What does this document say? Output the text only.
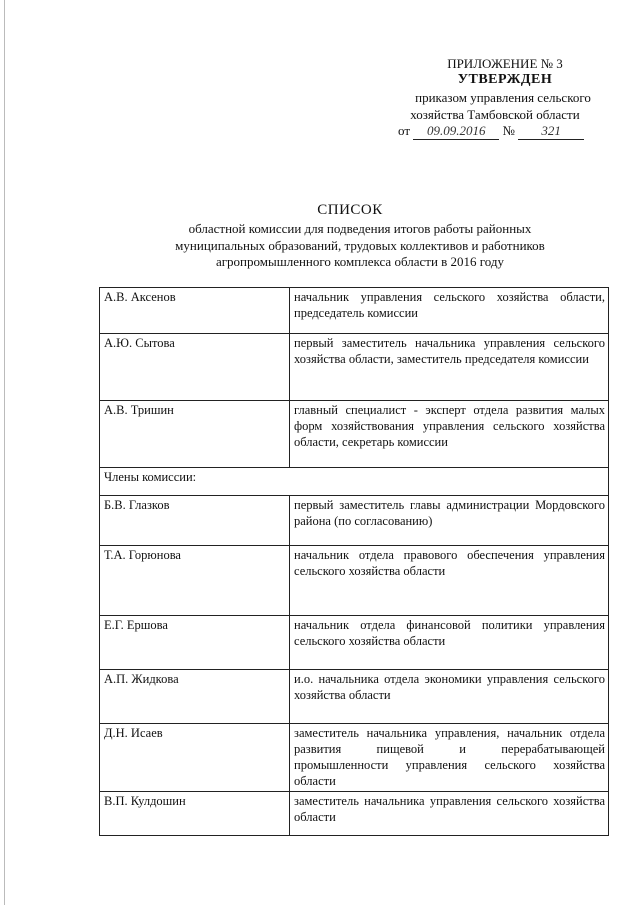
ПРИЛОЖЕНИЕ № 3
УТВЕРЖДЕН
приказом управления сельского
хозяйства Тамбовской области
от 09.09.2016 № 321
СПИСОК
областной комиссии для подведения итогов работы районных
муниципальных образований, трудовых коллективов и работников
агропромышленного комплекса области в 2016 году
А.В. Аксенов	начальник управления сельского хозяйства области, председатель комиссии
А.Ю. Сытова	первый заместитель начальника управления сельского хозяйства области, заместитель председателя комиссии
А.В. Тришин	главный специалист - эксперт отдела развития малых форм хозяйствования управления сельского хозяйства области, секретарь комиссии
Члены комиссии:	
Б.В. Глазков	первый заместитель главы администрации Мордовского района (по согласованию)
Т.А. Горюнова	начальник отдела правового обеспечения управления сельского хозяйства области
Е.Г. Ершова	начальник отдела финансовой политики управления сельского хозяйства области
А.П. Жидкова	и.о. начальника отдела экономики управления сельского хозяйства области
Д.Н. Исаев	заместитель начальника управления, начальник отдела развития пищевой и перерабатывающей промышленности управления сельского хозяйства области
В.П. Кулдошин	заместитель начальника управления сельского хозяйства области
